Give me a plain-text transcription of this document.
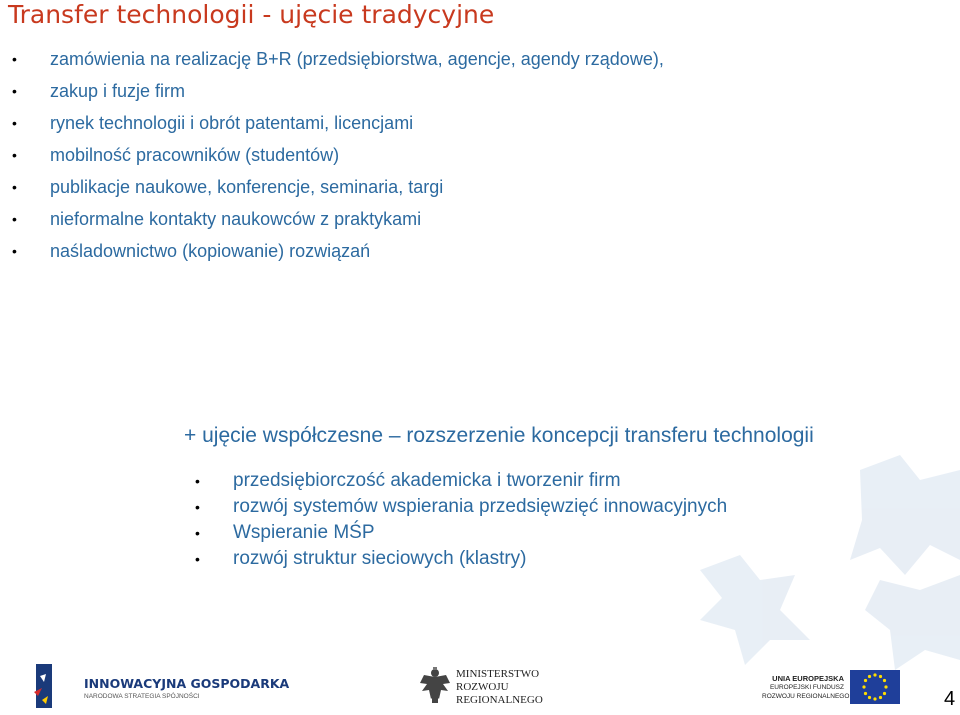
Transfer technologii - ujęcie tradycyjne
•	zamówienia na realizację B+R (przedsiębiorstwa, agencje, agendy rządowe),
•	zakup i fuzje firm
•	rynek technologii i obrót patentami, licencjami
•	mobilność pracowników (studentów)
•	publikacje naukowe, konferencje, seminaria, targi
•	nieformalne kontakty naukowców z praktykami
•	naśladownictwo (kopiowanie) rozwiązań
+ ujęcie współczesne – rozszerzenie koncepcji transferu technologii
•	przedsiębiorczość akademicka i tworzenir firm
•	rozwój systemów wspierania przedsięwzięć innowacyjnych
•	Wspieranie MŚP
•	rozwój struktur sieciowych (klastry)
INNOWACYJNA GOSPODARKA
NARODOWA STRATEGIA SPÓJNOŚCI
MINISTERSTWO
ROZWOJU
REGIONALNEGO
UNIA EUROPEJSKA
EUROPEJSKI FUNDUSZ
ROZWOJU REGIONALNEGO	4
